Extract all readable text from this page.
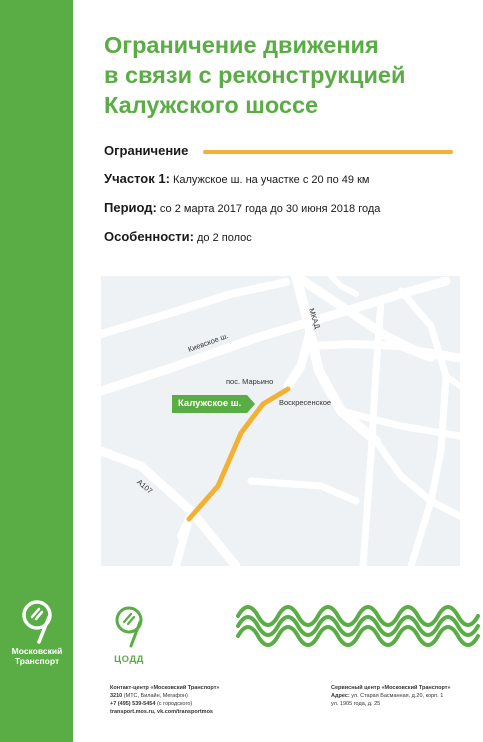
Московский
Транспорт
Ограничение движения
в связи с реконструкцией
Калужского шоссе
Ограничение
Участок 1: Калужское ш. на участке с 20 по 49 км
Период: со 2 марта 2017 года до 30 июня 2018 года
Особенности: до 2 полос
Киевское ш.
МКАД
пос. Марьино
Воскресенское
А107
Калужское ш.
ЦОДД
Контакт-центр «Московский Транспорт»
3210 (МТС, Билайн, Мегафон)
+7 (495) 539-5454 (с городского)
transport.mos.ru, vk.com/transportmos
Сервисный центр «Московский Транспорт»
Адрес: ул. Старая Басманная, д.20, корп. 1
ул. 1905 года, д. 25
